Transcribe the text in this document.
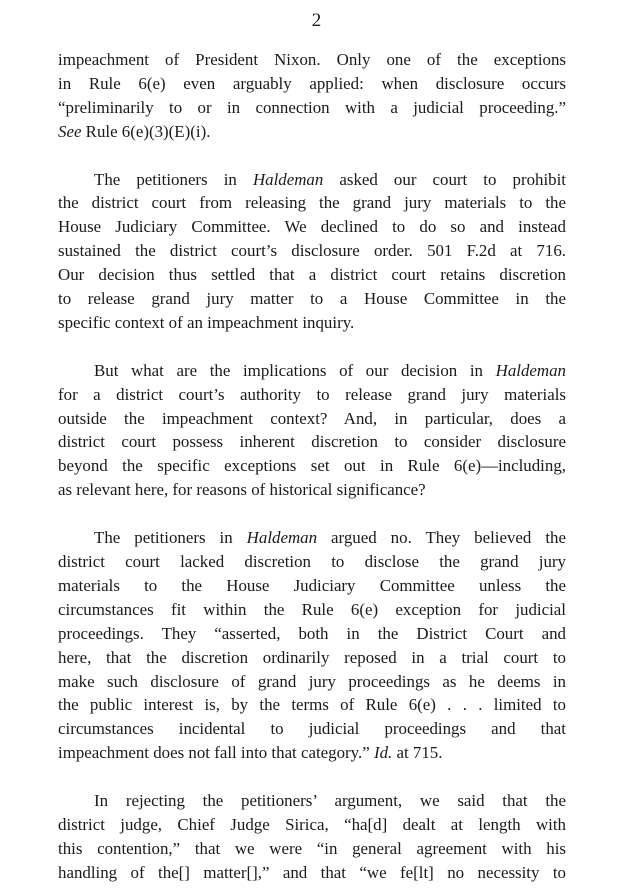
2

impeachment of President Nixon. Only one of the exceptions
in Rule 6(e) even arguably applied: when disclosure occurs
“preliminarily to or in connection with a judicial proceeding.”
See Rule 6(e)(3)(E)(i).

The petitioners in Haldeman asked our court to prohibit
the district court from releasing the grand jury materials to the
House Judiciary Committee. We declined to do so and instead
sustained the district court’s disclosure order. 501 F.2d at 716.
Our decision thus settled that a district court retains discretion
to release grand jury matter to a House Committee in the
specific context of an impeachment inquiry.

But what are the implications of our decision in Haldeman
for a district court’s authority to release grand jury materials
outside the impeachment context? And, in particular, does a
district court possess inherent discretion to consider disclosure
beyond the specific exceptions set out in Rule 6(e)—including,
as relevant here, for reasons of historical significance?

The petitioners in Haldeman argued no. They believed the
district court lacked discretion to disclose the grand jury
materials to the House Judiciary Committee unless the
circumstances fit within the Rule 6(e) exception for judicial
proceedings. They “asserted, both in the District Court and
here, that the discretion ordinarily reposed in a trial court to
make such disclosure of grand jury proceedings as he deems in
the public interest is, by the terms of Rule 6(e) . . . limited to
circumstances incidental to judicial proceedings and that
impeachment does not fall into that category.” Id. at 715.

In rejecting the petitioners’ argument, we said that the
district judge, Chief Judge Sirica, “ha[d] dealt at length with
this contention,” that we were “in general agreement with his
handling of the[] matter[],” and that “we fe[lt] no necessity to
